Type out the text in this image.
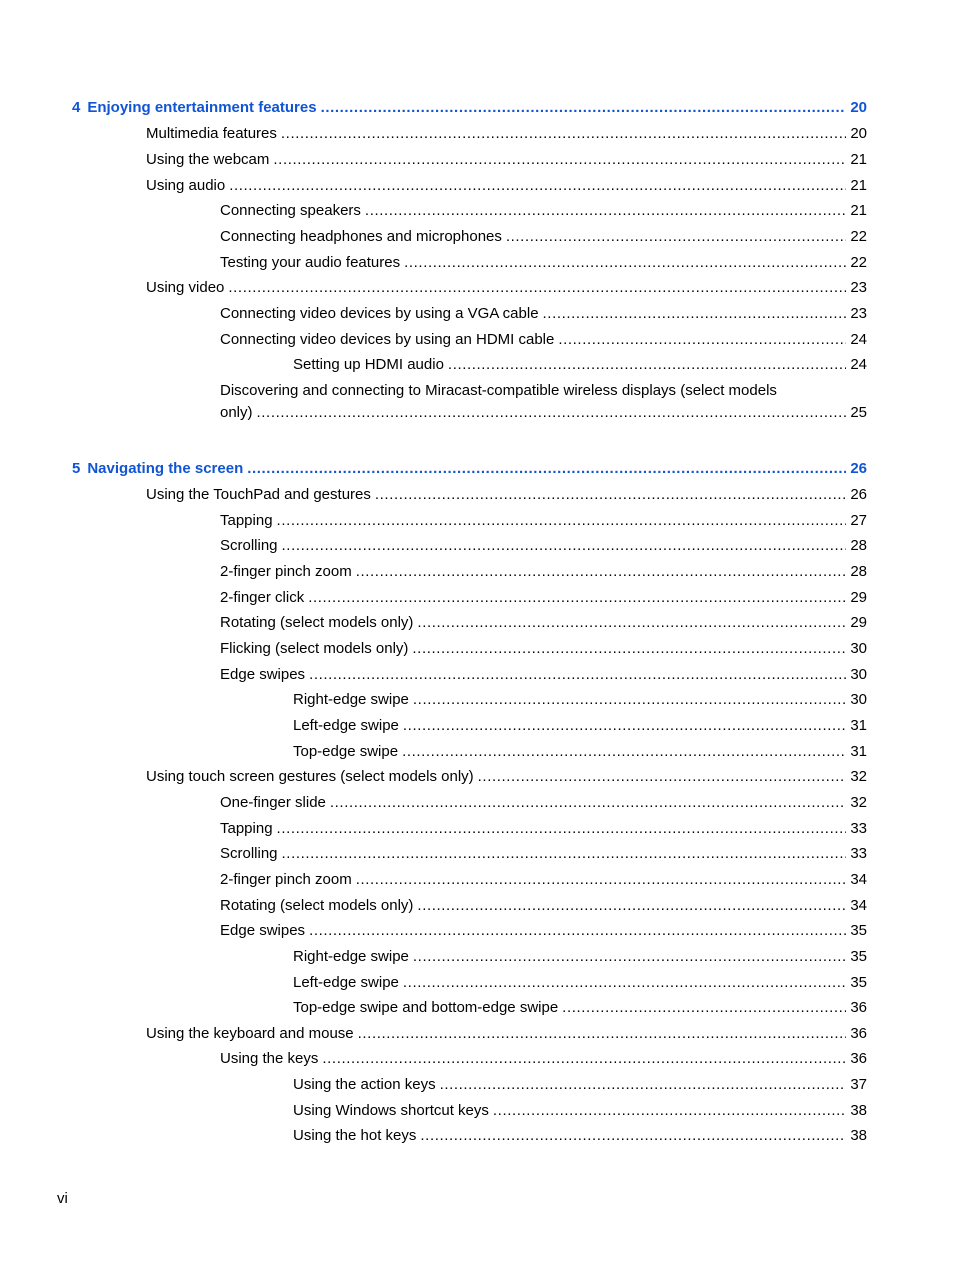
4 Enjoying entertainment features .....	20
Multimedia features .....	20
Using the webcam .....	21
Using audio .....	21
Connecting speakers .....	21
Connecting headphones and microphones .....	22
Testing your audio features .....	22
Using video .....	23
Connecting video devices by using a VGA cable .....	23
Connecting video devices by using an HDMI cable .....	24
Setting up HDMI audio .....	24
Discovering and connecting to Miracast-compatible wireless displays (select models
only) .....	25
5 Navigating the screen .....	26
Using the TouchPad and gestures .....	26
Tapping .....	27
Scrolling .....	28
2-finger pinch zoom .....	28
2-finger click .....	29
Rotating (select models only) .....	29
Flicking (select models only) .....	30
Edge swipes .....	30
Right-edge swipe .....	30
Left-edge swipe .....	31
Top-edge swipe .....	31
Using touch screen gestures (select models only) .....	32
One-finger slide .....	32
Tapping .....	33
Scrolling .....	33
2-finger pinch zoom .....	34
Rotating (select models only) .....	34
Edge swipes .....	35
Right-edge swipe .....	35
Left-edge swipe .....	35
Top-edge swipe and bottom-edge swipe .....	36
Using the keyboard and mouse .....	36
Using the keys .....	36
Using the action keys .....	37
Using Windows shortcut keys .....	38
Using the hot keys .....	38
vi
